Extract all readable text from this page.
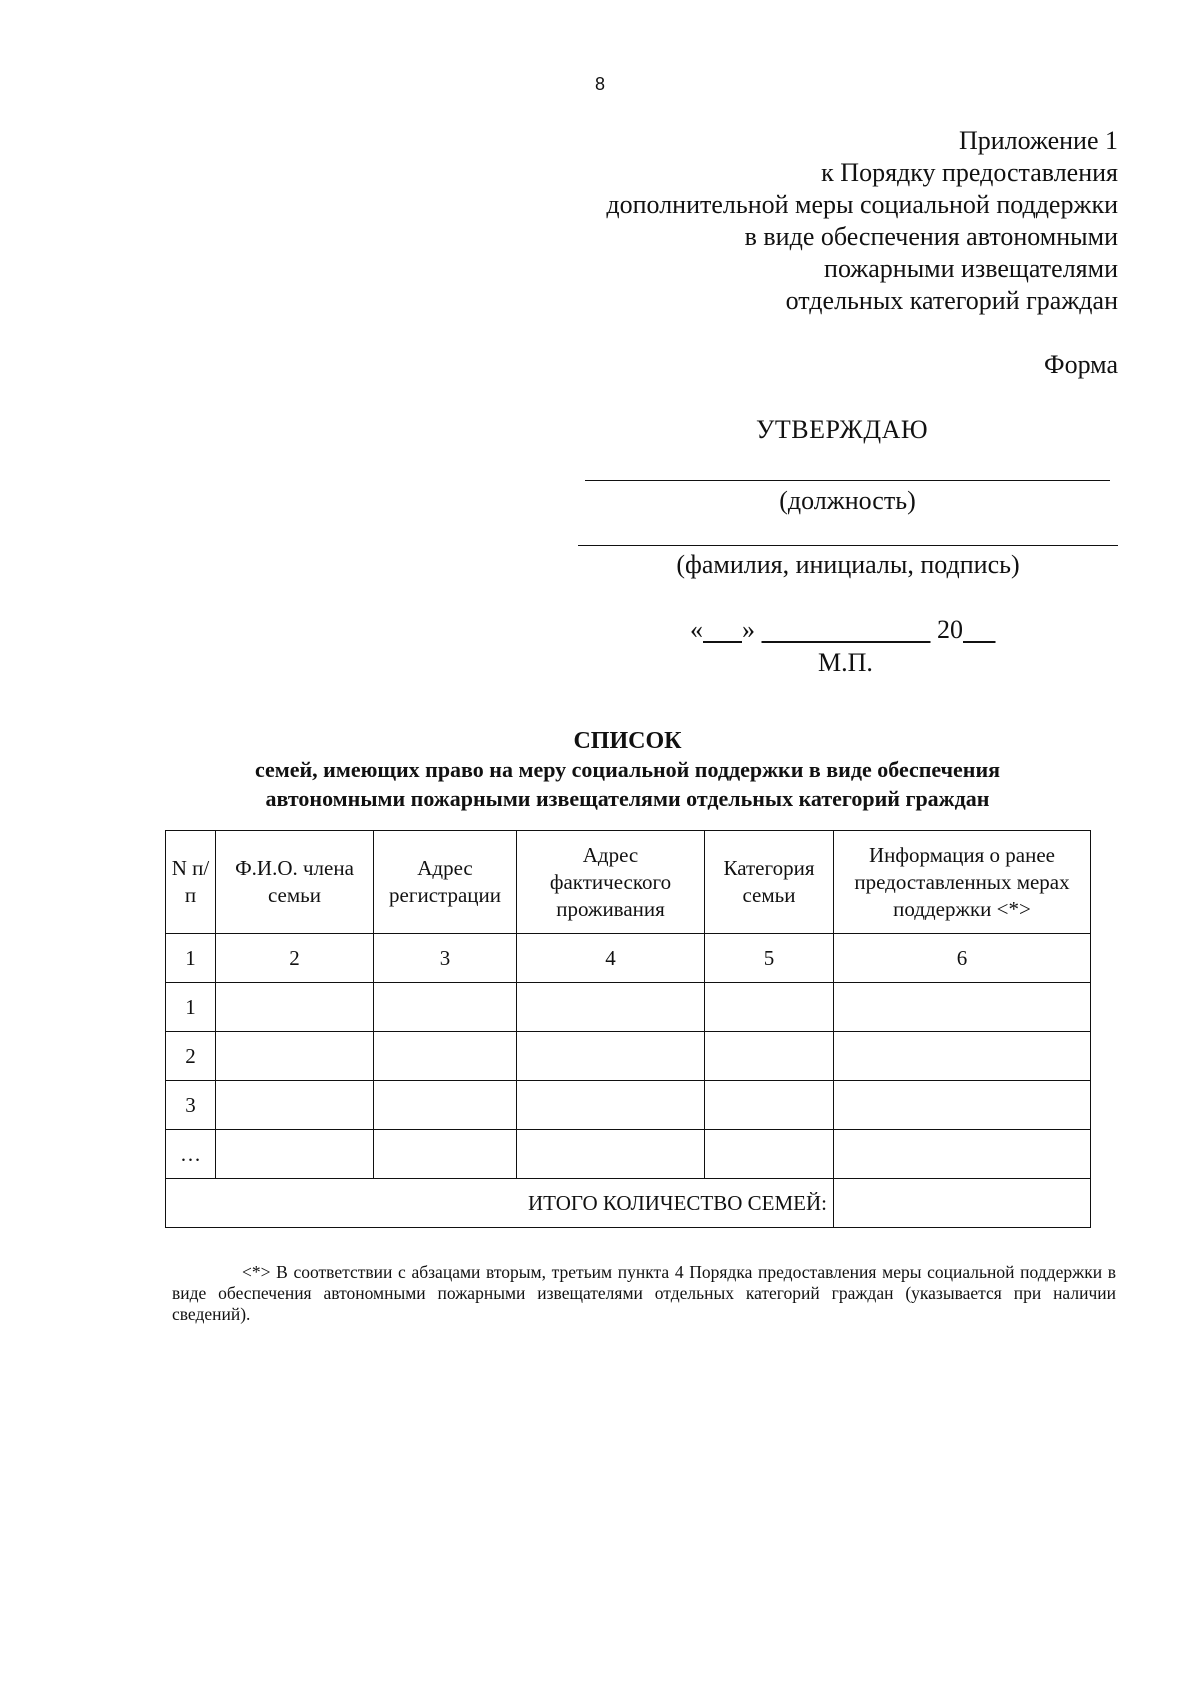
8
Приложение 1
к Порядку предоставления
дополнительной меры социальной поддержки
в виде обеспечения автономными
пожарными извещателями
отдельных категорий граждан
Форма
УТВЕРЖДАЮ
(должность)
(фамилия, инициалы, подпись)
« »	20
М.П.
СПИСОК
семей, имеющих право на меру социальной поддержки в виде обеспечения
автономными пожарными извещателями отдельных категорий граждан
N п/п	Ф.И.О. члена семьи	Адрес регистрации	Адрес фактического проживания	Категория семьи	Информация о ранее предоставленных мерах поддержки <*>
1	2	3	4	5	6
1					
2					
3					
…					
ИТОГО КОЛИЧЕСТВО СЕМЕЙ:					
<*> В соответствии с абзацами вторым, третьим пункта 4 Порядка предоставления меры социальной поддержки в виде обеспечения автономными пожарными извещателями отдельных категорий граждан (указывается при наличии сведений).
